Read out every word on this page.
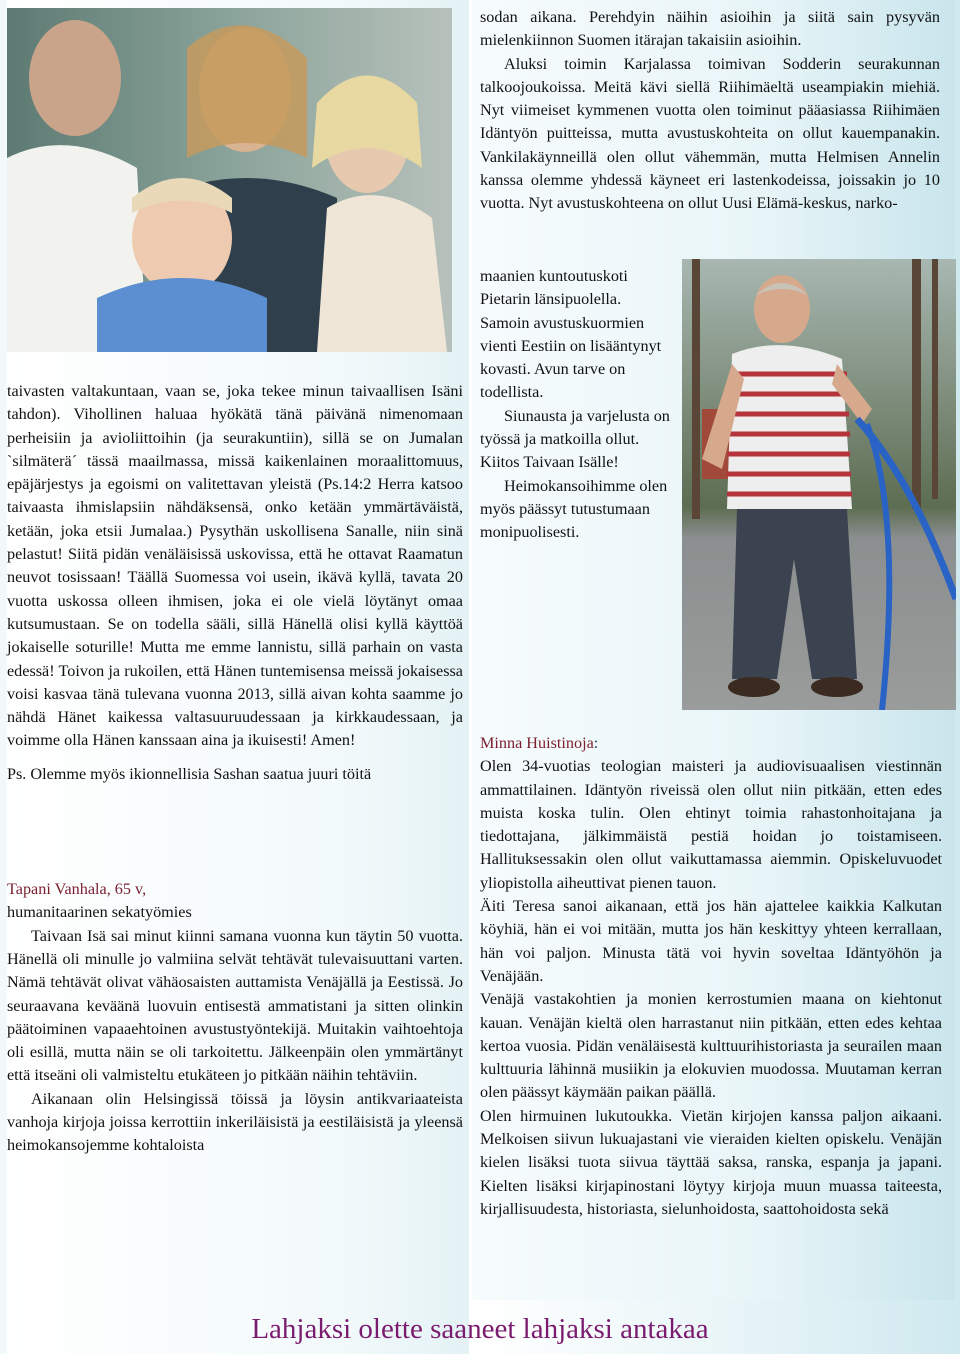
taivasten valtakuntaan, vaan se, joka tekee minun taivaallisen Isäni tahdon). Vihollinen haluaa hyökätä tänä päivänä nimenomaan perheisiin ja avioliittoihin (ja seurakuntiin), sillä se on Jumalan `silmäterä´ tässä maailmassa, missä kaikenlainen moraalittomuus, epäjärjestys ja egoismi on valitettavan yleistä (Ps.14:2 Herra katsoo taivaasta ihmislapsiin nähdäksensä, onko ketään ymmärtäväistä, ketään, joka etsii Jumalaa.) Pysythän uskollisena Sanalle, niin sinä pelastut! Siitä pidän venäläisissä uskovissa, että he ottavat Raamatun neuvot tosissaan! Täällä Suomessa voi usein, ikävä kyllä, tavata 20 vuotta uskossa olleen ihmisen, joka ei ole vielä löytänyt omaa kutsumustaan. Se on todella sääli, sillä Hänellä olisi kyllä käyttöä jokaiselle soturille! Mutta me emme lannistu, sillä parhain on vasta edessä! Toivon ja rukoilen, että Hänen tuntemisensa meissä jokaisessa voisi kasvaa tänä tulevana vuonna 2013, sillä aivan kohta saamme jo nähdä Hänet kaikessa valtasuuruudessaan ja kirkkaudessaan, ja voimme olla Hänen kanssaan aina ja ikuisesti! Amen!

Ps. Olemme myös ikionnellisia Sashan saatua juuri töitä

Tapani Vanhala, 65 v,
humanitaarinen sekatyömies

Taivaan Isä sai minut kiinni samana vuonna kun täytin 50 vuotta. Hänellä oli minulle jo valmiina selvät tehtävät tulevaisuuttani varten. Nämä tehtävät olivat vähäosaisten auttamista Venäjällä ja Eestissä. Jo seuraavana keväänä luovuin entisestä ammatistani ja sitten olinkin päätoiminen vapaaehtoinen avustustyöntekijä. Muitakin vaihtoehtoja oli esillä, mutta näin se oli tarkoitettu. Jälkeenpäin olen ymmärtänyt että itseäni oli valmisteltu etukäteen jo pitkään näihin tehtäviin.

Aikanaan olin Helsingissä töissä ja löysin antikvariaateista vanhoja kirjoja joissa kerrottiin inkeriläisistä ja eestiläisistä ja yleensä heimokansojemme kohtaloista

sodan aikana. Perehdyin näihin asioihin ja siitä sain pysyvän mielenkiinnon Suomen itärajan takaisiin asioihin.

Aluksi toimin Karjalassa toimivan Sodderin seurakunnan talkoojoukoissa. Meitä kävi siellä Riihimäeltä useampiakin miehiä. Nyt viimeiset kymmenen vuotta olen toiminut pääasiassa Riihimäen Idäntyön puitteissa, mutta avustuskohteita on ollut kauempanakin. Vankilakäynneillä olen ollut vähemmän, mutta Helmisen Annelin kanssa olemme yhdessä käyneet eri lastenkodeissa, joissakin jo 10 vuotta. Nyt avustuskohteena on ollut Uusi Elämä-keskus, narko-

maanien kuntoutuskoti Pietarin länsipuolella. Samoin avustuskuormien vienti Eestiin on lisääntynyt kovasti. Avun tarve on todellista.

Siunausta ja varjelusta on työssä ja matkoilla ollut. Kiitos Taivaan Isälle!

Heimokansoihimme olen myös päässyt tutustumaan monipuolisesti.

Minna Huistinoja:

Olen 34-vuotias teologian maisteri ja audiovisuaalisen viestinnän ammattilainen. Idäntyön riveissä olen ollut niin pitkään, etten edes muista koska tulin. Olen ehtinyt toimia rahastonhoitajana ja tiedottajana, jälkimmäistä pestiä hoidan jo toistamiseen. Hallituksessakin olen ollut vaikuttamassa aiemmin. Opiskeluvuodet yliopistolla aiheuttivat pienen tauon.

Äiti Teresa sanoi aikanaan, että jos hän ajattelee kaikkia Kalkutan köyhiä, hän ei voi mitään, mutta jos hän keskittyy yhteen kerrallaan, hän voi paljon. Minusta tätä voi hyvin soveltaa Idäntyöhön ja Venäjään.

Venäjä vastakohtien ja monien kerrostumien maana on kiehtonut kauan. Venäjän kieltä olen harrastanut niin pitkään, etten edes kehtaa kertoa vuosia. Pidän venäläisestä kulttuurihistoriasta ja seurailen maan kulttuuria lähinnä musiikin ja elokuvien muodossa. Muutaman kerran olen päässyt käymään paikan päällä.

Olen hirmuinen lukutoukka. Vietän kirjojen kanssa paljon aikaani. Melkoisen siivun lukuajastani vie vieraiden kielten opiskelu. Venäjän kielen lisäksi tuota siivua täyttää saksa, ranska, espanja ja japani. Kielten lisäksi kirjapinostani löytyy kirjoja muun muassa taiteesta, kirjallisuudesta, historiasta, sielunhoidosta, saattohoidosta sekä

Lahjaksi olette saaneet lahjaksi antakaa
